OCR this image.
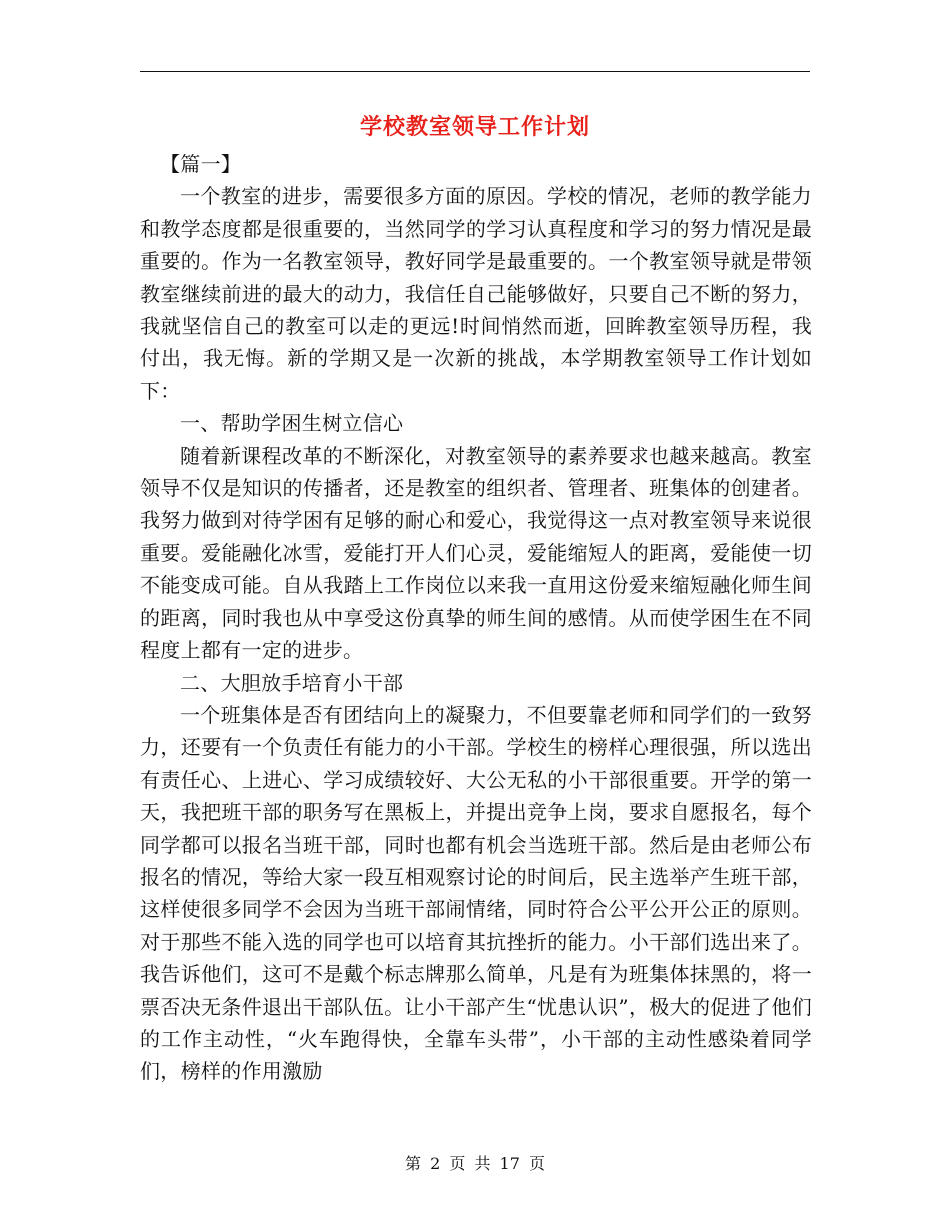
学校教室领导工作计划

【篇一】

一个教室的进步，需要很多方面的原因。学校的情况，老师的教学能力和教学态度都是很重要的，当然同学的学习认真程度和学习的努力情况是最重要的。作为一名教室领导，教好同学是最重要的。一个教室领导就是带领教室继续前进的最大的动力，我信任自己能够做好，只要自己不断的努力，我就坚信自己的教室可以走的更远!时间悄然而逝，回眸教室领导历程，我付出，我无悔。新的学期又是一次新的挑战，本学期教室领导工作计划如下：

一、帮助学困生树立信心

随着新课程改革的不断深化，对教室领导的素养要求也越来越高。教室领导不仅是知识的传播者，还是教室的组织者、管理者、班集体的创建者。我努力做到对待学困有足够的耐心和爱心，我觉得这一点对教室领导来说很重要。爱能融化冰雪，爱能打开人们心灵，爱能缩短人的距离，爱能使一切不能变成可能。自从我踏上工作岗位以来我一直用这份爱来缩短融化师生间的距离，同时我也从中享受这份真挚的师生间的感情。从而使学困生在不同程度上都有一定的进步。

二、大胆放手培育小干部

一个班集体是否有团结向上的凝聚力，不但要靠老师和同学们的一致努力，还要有一个负责任有能力的小干部。学校生的榜样心理很强，所以选出有责任心、上进心、学习成绩较好、大公无私的小干部很重要。开学的第一天，我把班干部的职务写在黑板上，并提出竞争上岗，要求自愿报名，每个同学都可以报名当班干部，同时也都有机会当选班干部。然后是由老师公布报名的情况，等给大家一段互相观察讨论的时间后，民主选举产生班干部，这样使很多同学不会因为当班干部闹情绪，同时符合公平公开公正的原则。对于那些不能入选的同学也可以培育其抗挫折的能力。小干部们选出来了。我告诉他们，这可不是戴个标志牌那么简单，凡是有为班集体抹黑的，将一票否决无条件退出干部队伍。让小干部产生“忧患认识”，极大的促进了他们的工作主动性，“火车跑得快，全靠车头带”，小干部的主动性感染着同学们，榜样的作用激励

第 2 页 共 17 页
